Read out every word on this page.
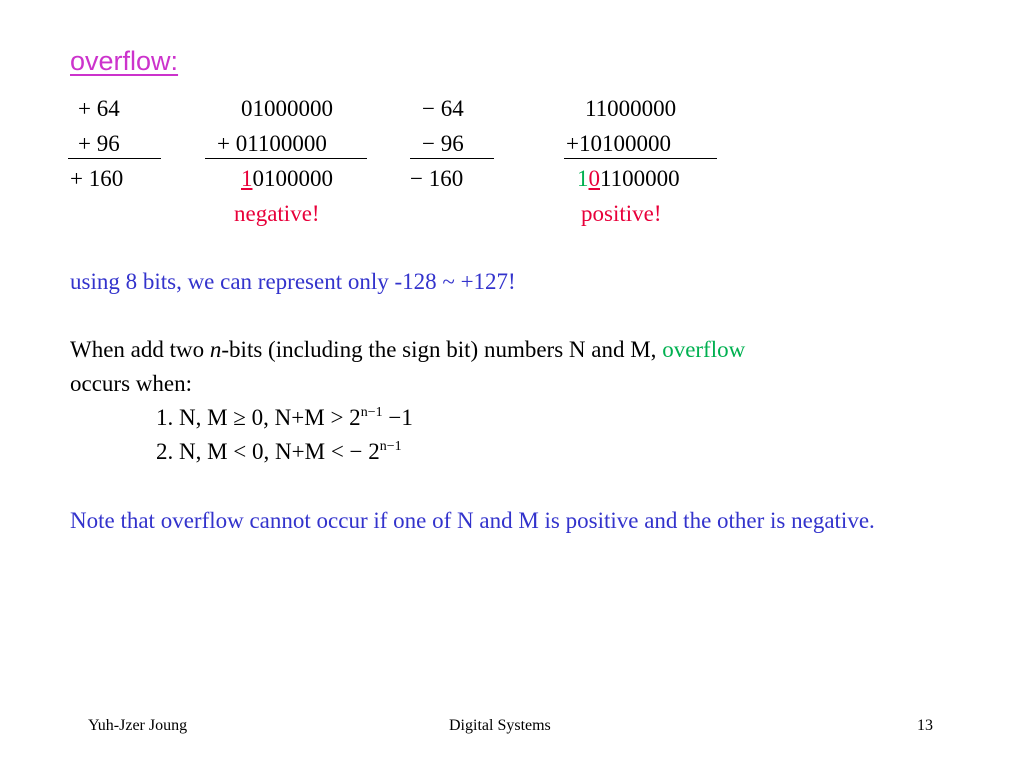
overflow:
+ 64
+ 96
+ 160
01000000
+ 01100000
10100000
negative!
− 64
− 96
− 160
11000000
+10100000
101100000
positive!
using 8 bits, we can represent only -128 ~ +127!
When add two n-bits (including the sign bit) numbers N and M, overflow
occurs when:
1. N, M ≥ 0, $N+M > 2^{n-1} -1$
2. N, M < 0, N+M < − $2^{n-1}$
Note that overflow cannot occur if one of N and M is positive and the other is negative.
Yuh-Jzer Joung	Digital Systems	13
